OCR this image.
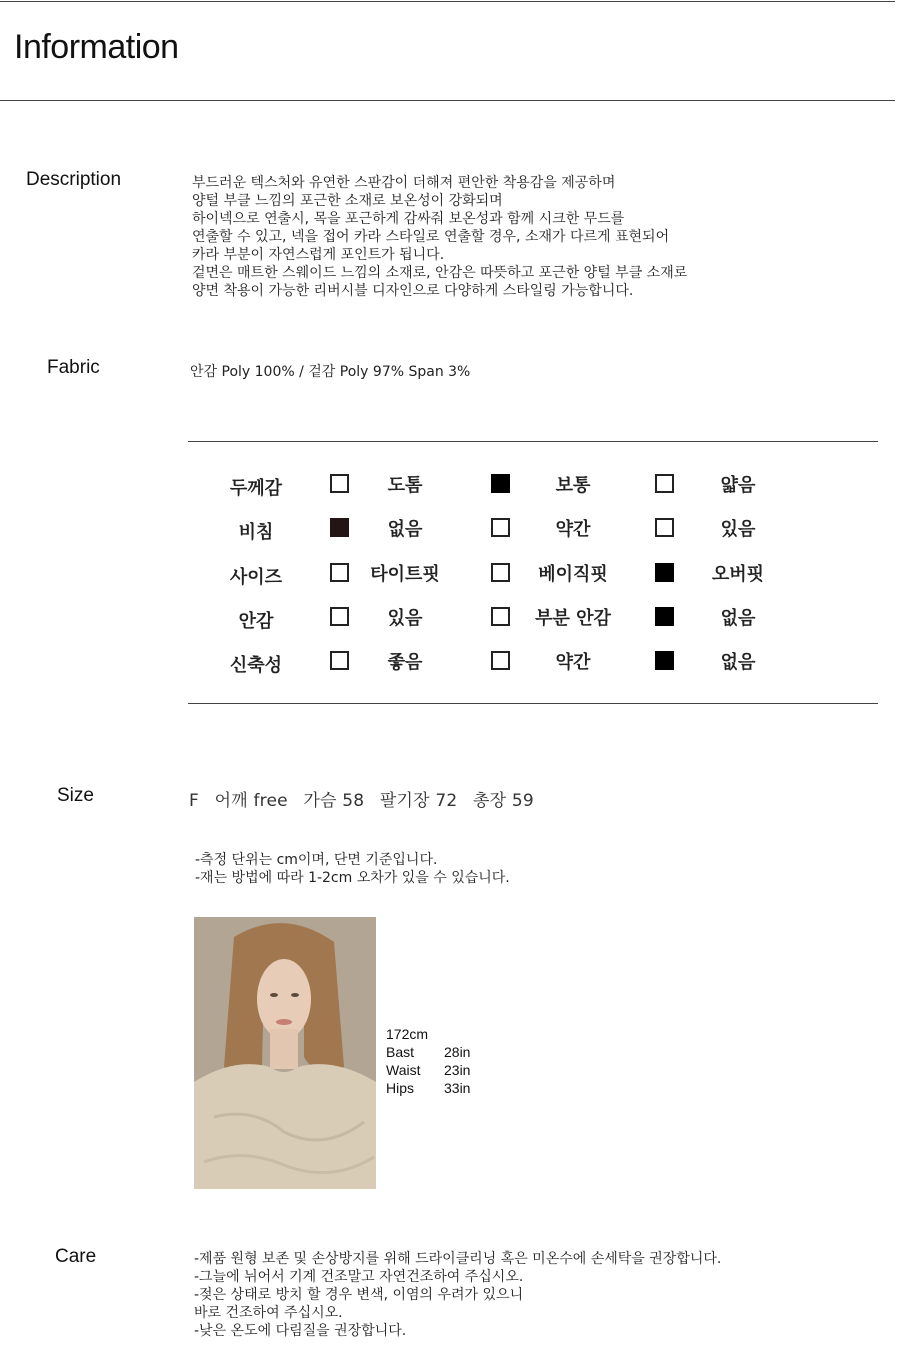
Information
Description	부드러운 텍스처와 유연한 스판감이 더해져 편안한 착용감을 제공하며
양털 부클 느낌의 포근한 소재로 보온성이 강화되며
하이넥으로 연출시, 목을 포근하게 감싸줘 보온성과 함께 시크한 무드를
연출할 수 있고, 넥을 접어 카라 스타일로 연출할 경우, 소재가 다르게 표현되어
카라 부분이 자연스럽게 포인트가 됩니다.
겉면은 매트한 스웨이드 느낌의 소재로, 안감은 따뜻하고 포근한 양털 부클 소재로
양면 착용이 가능한 리버시블 디자인으로 다양하게 스타일링 가능합니다.
Fabric	안감 Poly 100% / 겉감 Poly 97% Span 3%
두께감	도톰	보통	얇음
비침	없음	약간	있음
사이즈	타이트핏	베이직핏	오버핏
안감	있음	부분 안감	없음
신축성	좋음	약간	없음
Size	F 어깨 free 가슴 58 팔기장 72 총장 59
-측정 단위는 cm이며, 단면 기준입니다.
-재는 방법에 따라 1-2cm 오차가 있을 수 있습니다.
172cm
Bast 28in
Waist 23in
Hips 33in
Care	-제품 원형 보존 및 손상방지를 위해 드라이클리닝 혹은 미온수에 손세탁을 권장합니다.
-그늘에 뉘어서 기계 건조말고 자연건조하여 주십시오.
-젖은 상태로 방치 할 경우 변색, 이염의 우려가 있으니
바로 건조하여 주십시오.
-낮은 온도에 다림질을 권장합니다.
